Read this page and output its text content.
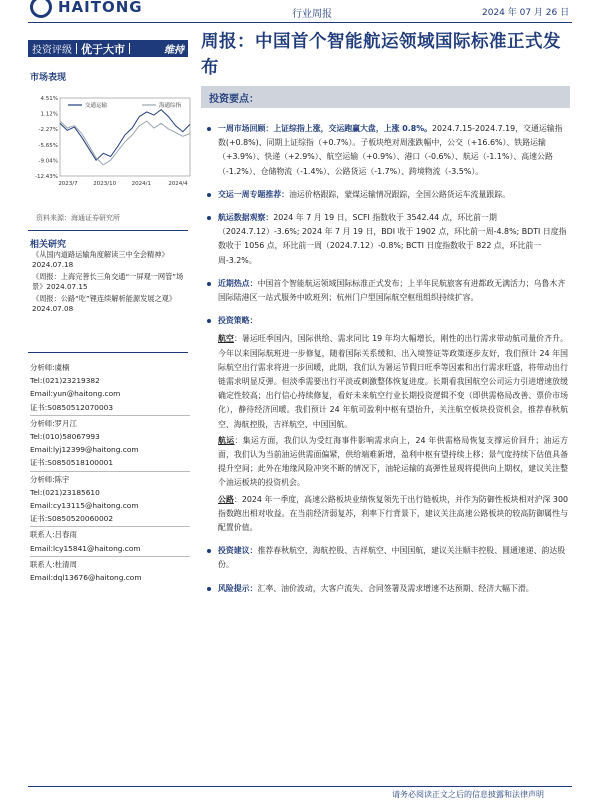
HAITONG	行业周报	2024 年 07 月 26 日
投资评级 优于大市	维持
市场表现
4.51%
1.12%
-2.27%
-5.65%
-9.04%
-12.43%
2023/7	2023/10	2024/1	2024/4
交通运输	海通综指
资料来源：海通证券研究所
相关研究
《从国内道路运输角度解读三中全会精神》2024.07.18
《周报：上海完善长三角交通“一屏观一网管”场景》2024.07.15
《周报：公路“吃”锂连续解析能源发展之观》2024.07.08
分析师:虞楠
Tel:(021)23219382
Email:yun@haitong.com
证书:S0850512070003
分析师:罗月江
Tel:(010)58067993
Email:lyj12399@haitong.com
证书:S0850518100001
分析师:陈宇
Tel:(021)23185610
Email:cy13115@haitong.com
证书:S0850520060002
联系人:吕春雨
Email:lcy15841@haitong.com
联系人:杜清周
Email:dql13676@haitong.com
周报：中国首个智能航运领域国际标准正式发布
投资要点：
一周市场回顾：上证综指上涨，交运跑赢大盘，上涨 0.8%。2024.7.15-2024.7.19，交通运输指数(+0.8%)、同期上证综指（+0.7%）。子板块绝对周涨跌幅中，公交（+16.6%）、铁路运输（+3.9%）、快递（+2.9%）、航空运输（+0.9%）、港口（-0.6%）、航运（-1.1%）、高速公路（-1.2%）、仓储物流（-1.4%）、公路货运（-1.7%）、跨境物流（-3.5%）。
交运一周专题推荐：油运价格跟踪，蒙煤运输情况跟踪，全国公路货运车流量跟踪。
航运数据观察：2024 年 7 月 19 日，SCFI 指数收于 3542.44 点，环比前一期（2024.7.12）-3.6%; 2024 年 7 月 19 日，BDI 收于 1902 点，环比前一周-4.8%; BDTI 日度指数收于 1056 点，环比前一周（2024.7.12）-0.8%; BCTI 日度指数收于 822 点，环比前一周-3.2%。
近期热点：中国首个智能航运领域国际标准正式发布；上半年民航旅客有进都政无满活力；乌鲁木齐国际陆港区一站式服务中欧班列；杭州门户型国际航空枢纽组织持续扩容。
投资策略：
航空：暑运旺季国内，国际供给、需求同比 19 年均大幅增长，刚性的出行需求带动航司量价齐升。今年以来国际航班进一步修复，随着国际关系缓和、出入境签证等政策逐步友好，我们预计 24 年国际航空出行需求将进一步回暖，此期，我们认为暑运节假日旺季等因素和出行需求旺盛，将带动出行链需求明显反弹。但淡季需要出行平淡或刺激整体恢复进度。长期看我国航空公司运力引进增速放缓确定性较高；出行信心持续修复，看好未来航空行业长期投资逻辑不变（即供需格局改善、票价市场化），静待经济回暖。我们预计 24 年航司盈利中枢有望抬升，关注航空板块投资机会，推荐春秋航空、海航控股，吉祥航空、中国国航。
航运：集运方面，我们认为受红海事件影响需求向上，24 年供需格局恢复支撑运价回升；油运方面，我们认为当前油运供需面偏紧，供给端难新增，盈利中枢有望持续上移；景气度持续下估值具备提升空间；此外在地缘风险冲突不断的情况下，油轮运输的高弹性显现将提供向上期权，建议关注整个油运板块的投资机会。
公路：2024 年一季度，高速公路板块业绩恢复领先于出行链板块，并作为防御性板块相对沪深 300 指数跑出相对收益。在当前经济弱复苏，利率下行背景下，建议关注高速公路板块的较高防御属性与配置价值。
投资建议：推荐春秋航空、海航控股、吉祥航空、中国国航，建议关注顺丰控股、圆通速递、韵达股份。
风险提示：汇率、油价波动，大客户流失、合同签署及需求增速不达预期、经济大幅下滑。
请务必阅读正文之后的信息披露和法律声明
